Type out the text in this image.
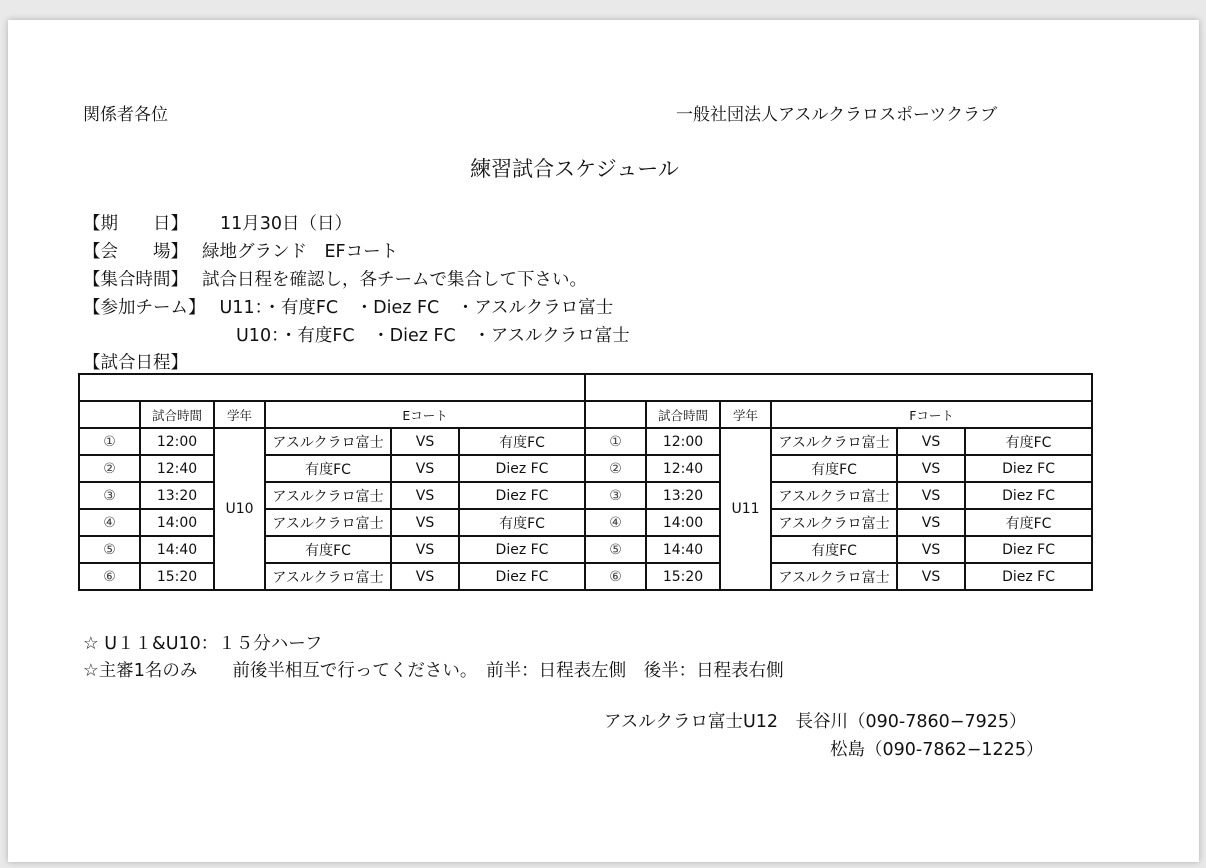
関係者各位	一般社団法人アスルクラロスポーツクラブ
練習試合スケジュール
【期　　日】 11月30日（日）
【会　　場】 緑地グランド　EFコート
【集合時間】 試合日程を確認し，各チームで集合して下さい。
【参加チーム】 U11：・有度FC　・Diez FC　・アスルクラロ富士
U10：・有度FC　・Diez FC　・アスルクラロ富士
【試合日程】

	試合時間	学年	Eコート				試合時間	学年	Fコート		
①	12:00	U10	アスルクラロ富士	VS	有度FC	①	12:00	U11	アスルクラロ富士	VS	有度FC
②	12:40		有度FC	VS	Diez FC	②	12:40		有度FC	VS	Diez FC
③	13:20		アスルクラロ富士	VS	Diez FC	③	13:20		アスルクラロ富士	VS	Diez FC
④	14:00		アスルクラロ富士	VS	有度FC	④	14:00		アスルクラロ富士	VS	有度FC
⑤	14:40		有度FC	VS	Diez FC	⑤	14:40		有度FC	VS	Diez FC
⑥	15:20		アスルクラロ富士	VS	Diez FC	⑥	15:20		アスルクラロ富士	VS	Diez FC
☆ U１１&U10：１５分ハーフ
☆主審1名のみ　　前後半相互で行ってください。　前半：日程表左側　後半：日程表右側
アスルクラロ富士U12　長谷川（090-7860−7925）
松島（090-7862−1225）
